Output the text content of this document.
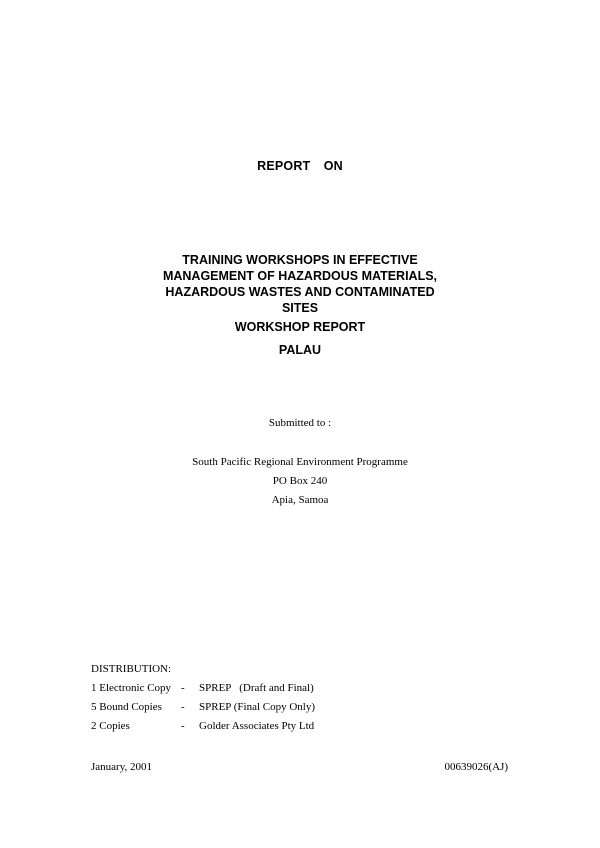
REPORT  ON
TRAINING WORKSHOPS IN EFFECTIVE
MANAGEMENT OF HAZARDOUS MATERIALS,
HAZARDOUS WASTES AND CONTAMINATED
SITES
WORKSHOP REPORT
PALAU
Submitted to :
South Pacific Regional Environment Programme
PO Box 240
Apia, Samoa
DISTRIBUTION:
1 Electronic Copy - SPREP   (Draft and Final)
5 Bound Copies - SPREP (Final Copy Only)
2 Copies	- Golder Associates Pty Ltd
January, 2001	00639026(AJ)
